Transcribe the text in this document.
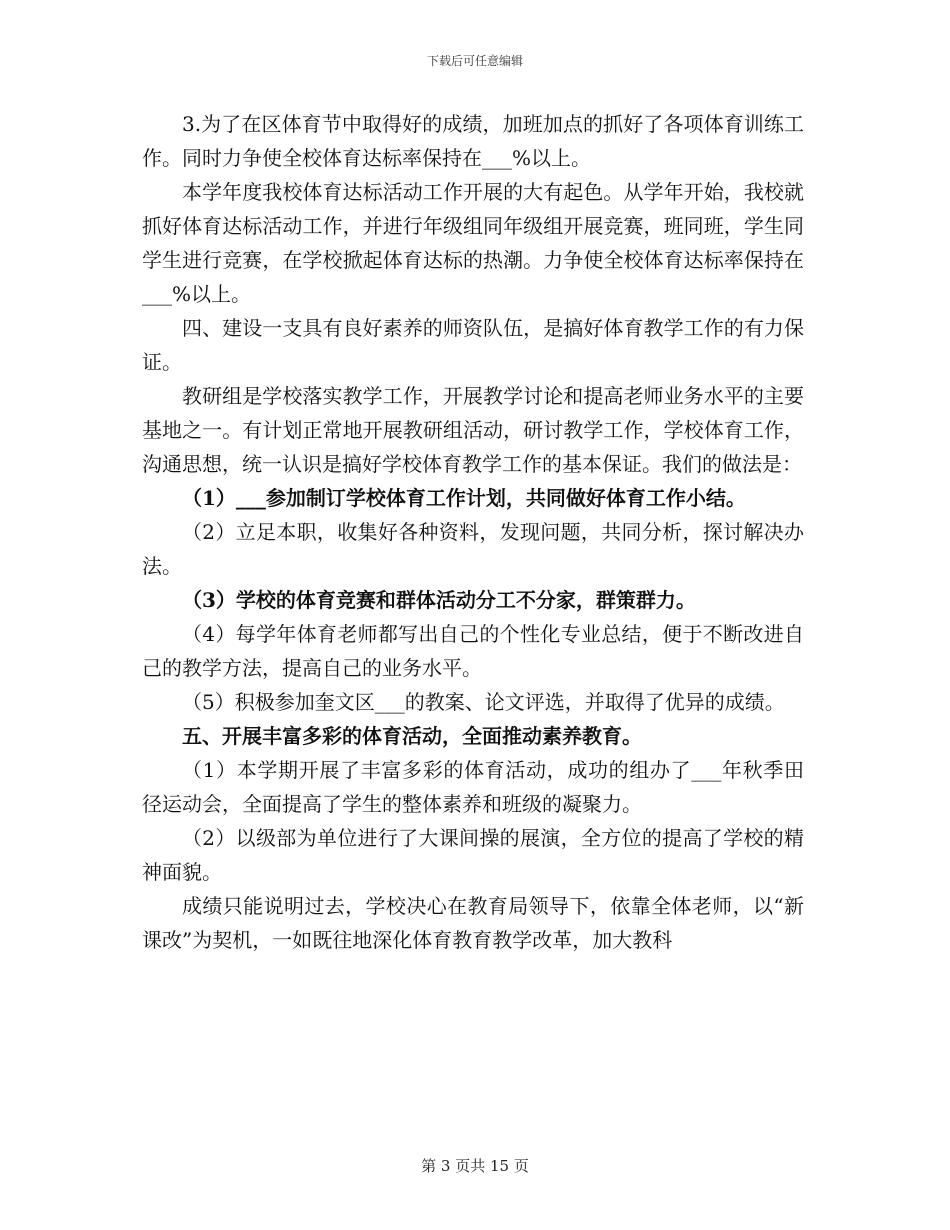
下载后可任意编辑

3.为了在区体育节中取得好的成绩，加班加点的抓好了各项体育训练工作。同时力争使全校体育达标率保持在___%以上。

本学年度我校体育达标活动工作开展的大有起色。从学年开始，我校就抓好体育达标活动工作，并进行年级组同年级组开展竞赛，班同班，学生同学生进行竞赛，在学校掀起体育达标的热潮。力争使全校体育达标率保持在___%以上。

四、建设一支具有良好素养的师资队伍，是搞好体育教学工作的有力保证。

教研组是学校落实教学工作，开展教学讨论和提高老师业务水平的主要基地之一。有计划正常地开展教研组活动，研讨教学工作，学校体育工作，沟通思想，统一认识是搞好学校体育教学工作的基本保证。我们的做法是：

（1）___参加制订学校体育工作计划，共同做好体育工作小结。

（2）立足本职，收集好各种资料，发现问题，共同分析，探讨解决办法。

（3）学校的体育竞赛和群体活动分工不分家，群策群力。

（4）每学年体育老师都写出自己的个性化专业总结，便于不断改进自己的教学方法，提高自己的业务水平。

（5）积极参加奎文区___的教案、论文评选，并取得了优异的成绩。

五、开展丰富多彩的体育活动，全面推动素养教育。

（1）本学期开展了丰富多彩的体育活动，成功的组办了___年秋季田径运动会，全面提高了学生的整体素养和班级的凝聚力。

（2）以级部为单位进行了大课间操的展演，全方位的提高了学校的精神面貌。

成绩只能说明过去，学校决心在教育局领导下，依靠全体老师，以“新课改”为契机，一如既往地深化体育教育教学改革，加大教科

第 3 页共 15 页
